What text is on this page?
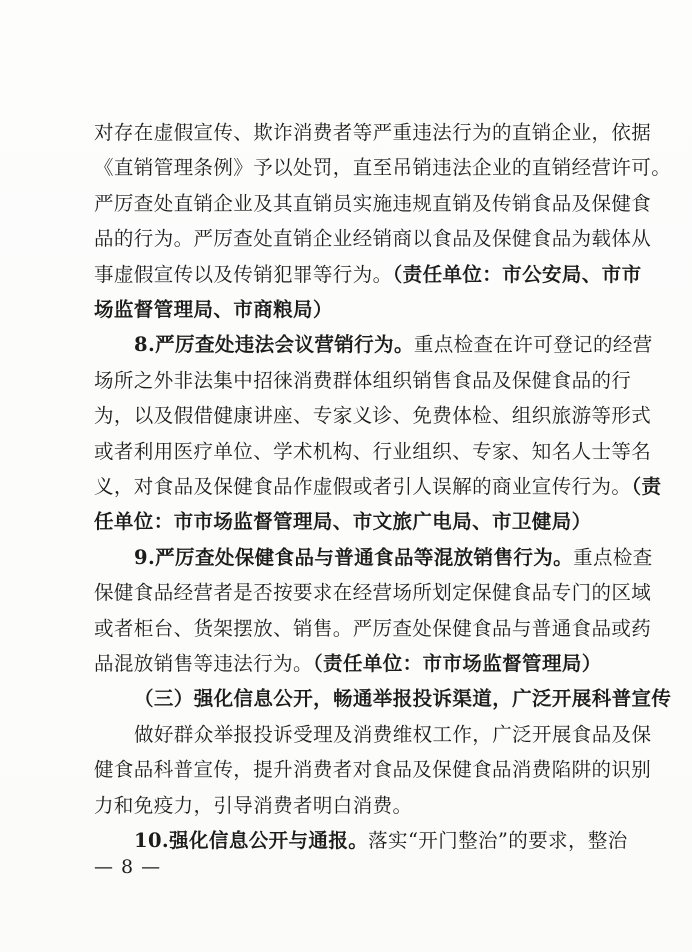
对存在虚假宣传、欺诈消费者等严重违法行为的直销企业，依据
《直销管理条例》予以处罚，直至吊销违法企业的直销经营许可。
严厉查处直销企业及其直销员实施违规直销及传销食品及保健食
品的行为。严厉查处直销企业经销商以食品及保健食品为载体从
事虚假宣传以及传销犯罪等行为。（责任单位：市公安局、市市
场监督管理局、市商粮局）
8.严厉查处违法会议营销行为。重点检查在许可登记的经营
场所之外非法集中招徕消费群体组织销售食品及保健食品的行
为，以及假借健康讲座、专家义诊、免费体检、组织旅游等形式
或者利用医疗单位、学术机构、行业组织、专家、知名人士等名
义，对食品及保健食品作虚假或者引人误解的商业宣传行为。（责
任单位：市市场监督管理局、市文旅广电局、市卫健局）
9.严厉查处保健食品与普通食品等混放销售行为。重点检查
保健食品经营者是否按要求在经营场所划定保健食品专门的区域
或者柜台、货架摆放、销售。严厉查处保健食品与普通食品或药
品混放销售等违法行为。（责任单位：市市场监督管理局）
（三）强化信息公开，畅通举报投诉渠道，广泛开展科普宣传
做好群众举报投诉受理及消费维权工作，广泛开展食品及保
健食品科普宣传，提升消费者对食品及保健食品消费陷阱的识别
力和免疫力，引导消费者明白消费。
10.强化信息公开与通报。落实“开门整治”的要求，整治
— 8 —
